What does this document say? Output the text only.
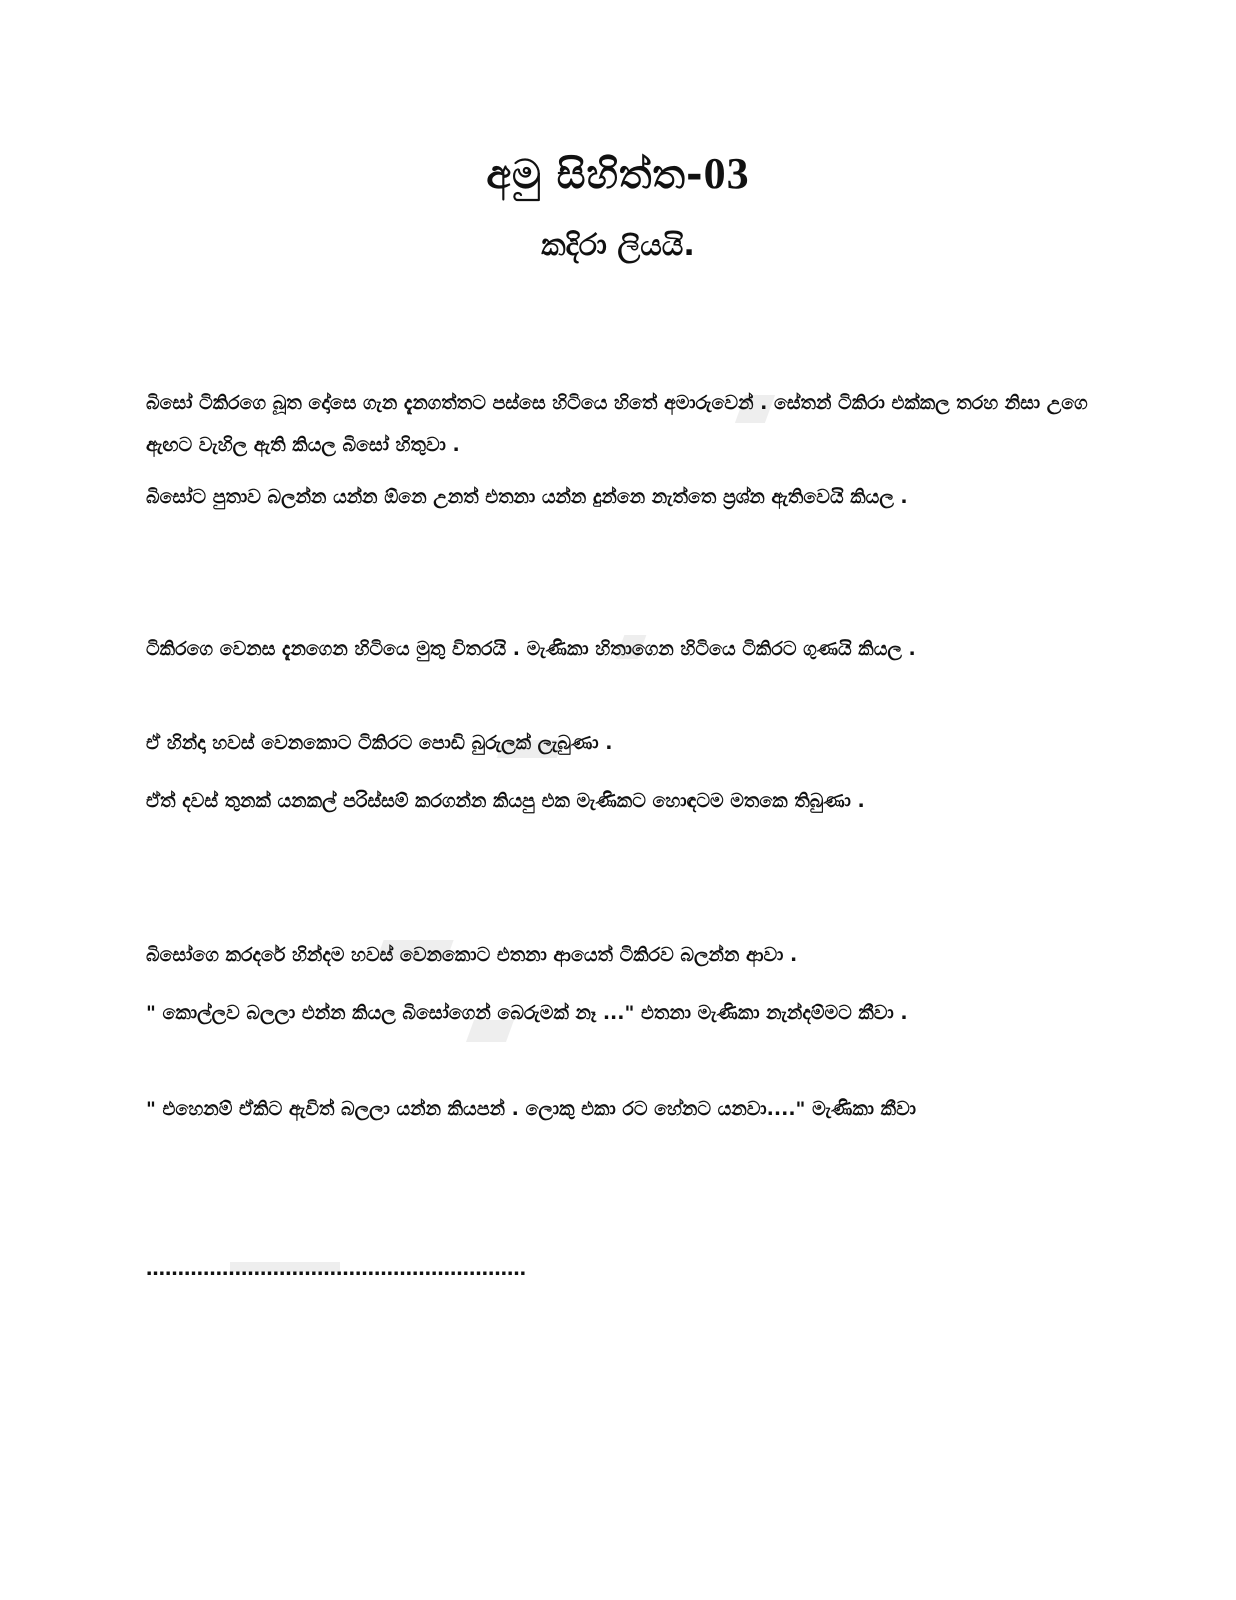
අමු සිහිත්ත-03
කදිරා ලියයි.

බිසෝ ටිකිරගෙ බූත දෝසෙ ගැන දැනගත්තට පස්සෙ හිටියෙ හිතේ අමාරුවෙන් . සේතන් ටිකිරා එක්කල තරහ නිසා උගෙ ඇඟට වැහිල ඇති කියල බිසෝ හිතුවා .

බිසෝට පුතාව බලන්න යන්න ඕනෙ උනත් එතනා යන්න දුන්නෙ නැත්තෙ ප්‍රශ්න ඇතිවෙයි කියල .

ටිකිරගෙ වෙනස දැනගෙන හිටියෙ මුතු විතරයි . මැණිකා හිතාගෙන හිටියෙ ටිකිරට ගුණයි කියල .

ඒ හින්දා හවස් වෙනකොට ටිකිරට පොඩි බුරුලක් ලැබුණා .

ඒත් දවස් තුනක් යනකල් පරිස්සම් කරගන්න කියපු එක මැණිකට හොඳටම මතකෙ තිබුණා .

බිසෝගෙ කරදරේ හින්දම හවස් වෙනකොට එතනා ආයෙත් ටිකිරව බලන්න ආවා .

" කොල්ලව බලලා එන්න කියල බිසෝගෙන් බෙරුමක් නෑ ..." එතනා මැණිකා නැන්දම්මට කීවා .

" එහෙනම් ඒකිට ඇවිත් බලලා යන්න කියපන් . ලොකු එකා රට හේනට යනවා...." මැණිකා කීවා

……………………………………………………
